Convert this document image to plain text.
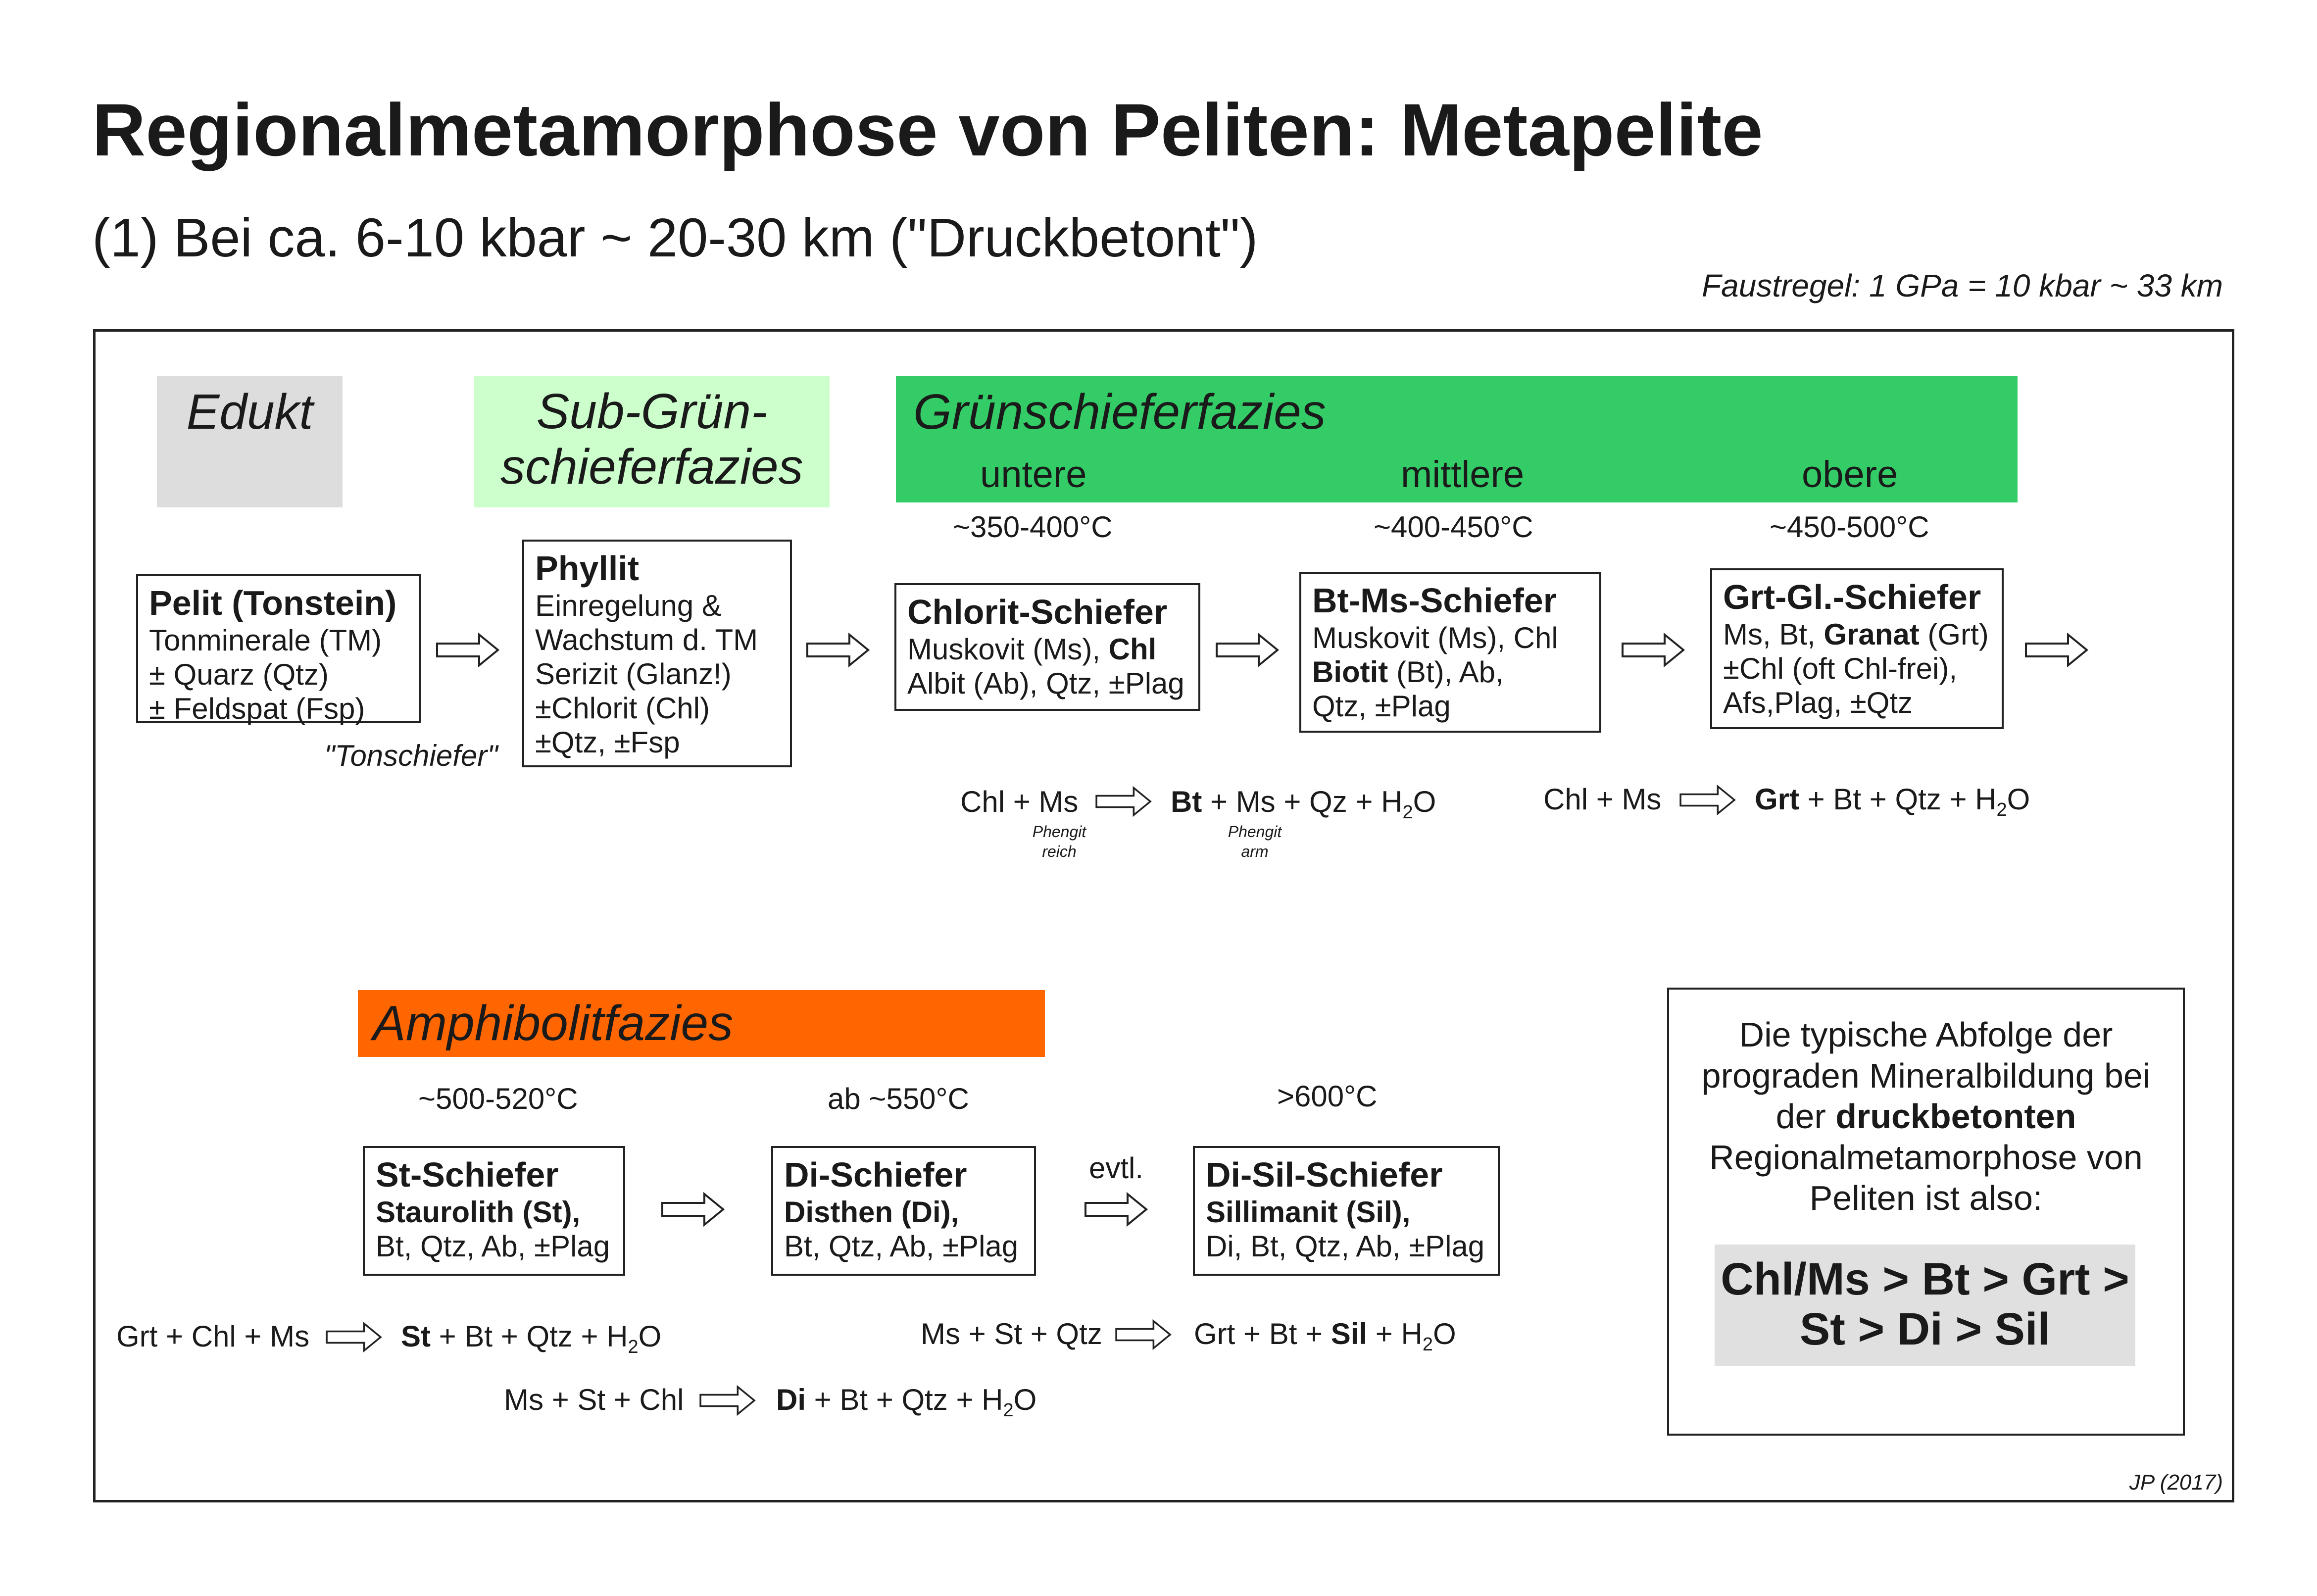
Regionalmetamorphose von Peliten: Metapelite
(1) Bei ca. 6-10 kbar ~ 20-30 km ("Druckbetont")
Faustregel: 1 GPa = 10 kbar ~ 33 km
Edukt	Sub-Grün-
schieferfazies
Grünschieferfazies
untere	mittlere	obere
Amphibolitfazies
~350-400°C	~400-450°C	~450-500°C
~500-520°C	ab ~550°C	>600°C
Pelit (Tonstein)
Tonminerale (TM)
± Quarz (Qtz)
± Feldspat (Fsp)
"Tonschiefer"
Phyllit
Einregelung &
Wachstum d. TM
Serizit (Glanz!)
±Chlorit (Chl)
±Qtz, ±Fsp
Chlorit-Schiefer
Muskovit (Ms), Chl
Albit (Ab), Qtz, ±Plag
Bt-Ms-Schiefer
Muskovit (Ms), Chl
Biotit (Bt), Ab,
Qtz, ±Plag
Grt-Gl.-Schiefer
Ms, Bt, Granat (Grt)
±Chl (oft Chl-frei),
Afs,Plag, ±Qtz
Chl + Ms	$Bt + Ms + Qz + H_2O$
Phengit
reich
Phengit
arm
Chl + Ms	Grt + Bt + Qtz + $H_2O$
St-Schiefer
Staurolith (St),
Bt, Qtz, Ab, ±Plag
Di-Schiefer
Disthen (Di),
Bt, Qtz, Ab, ±Plag
Di-Sil-Schiefer
Sillimanit (Sil),
Di, Bt, Qtz, Ab, ±Plag
evtl.
Grt + Chl + Ms	St + Bt + Qtz + $H_2O$	Ms + St + Qtz	Grt + Bt + Sil + $H_2O$
Ms + St + Chl	Di + Bt + Qtz + $H_2O$
Die typische Abfolge der
prograden Mineralbildung bei
der druckbetonten
Regionalmetamorphose von
Peliten ist also:
Chl/Ms > Bt > Grt >
St > Di > Sil
JP (2017)
